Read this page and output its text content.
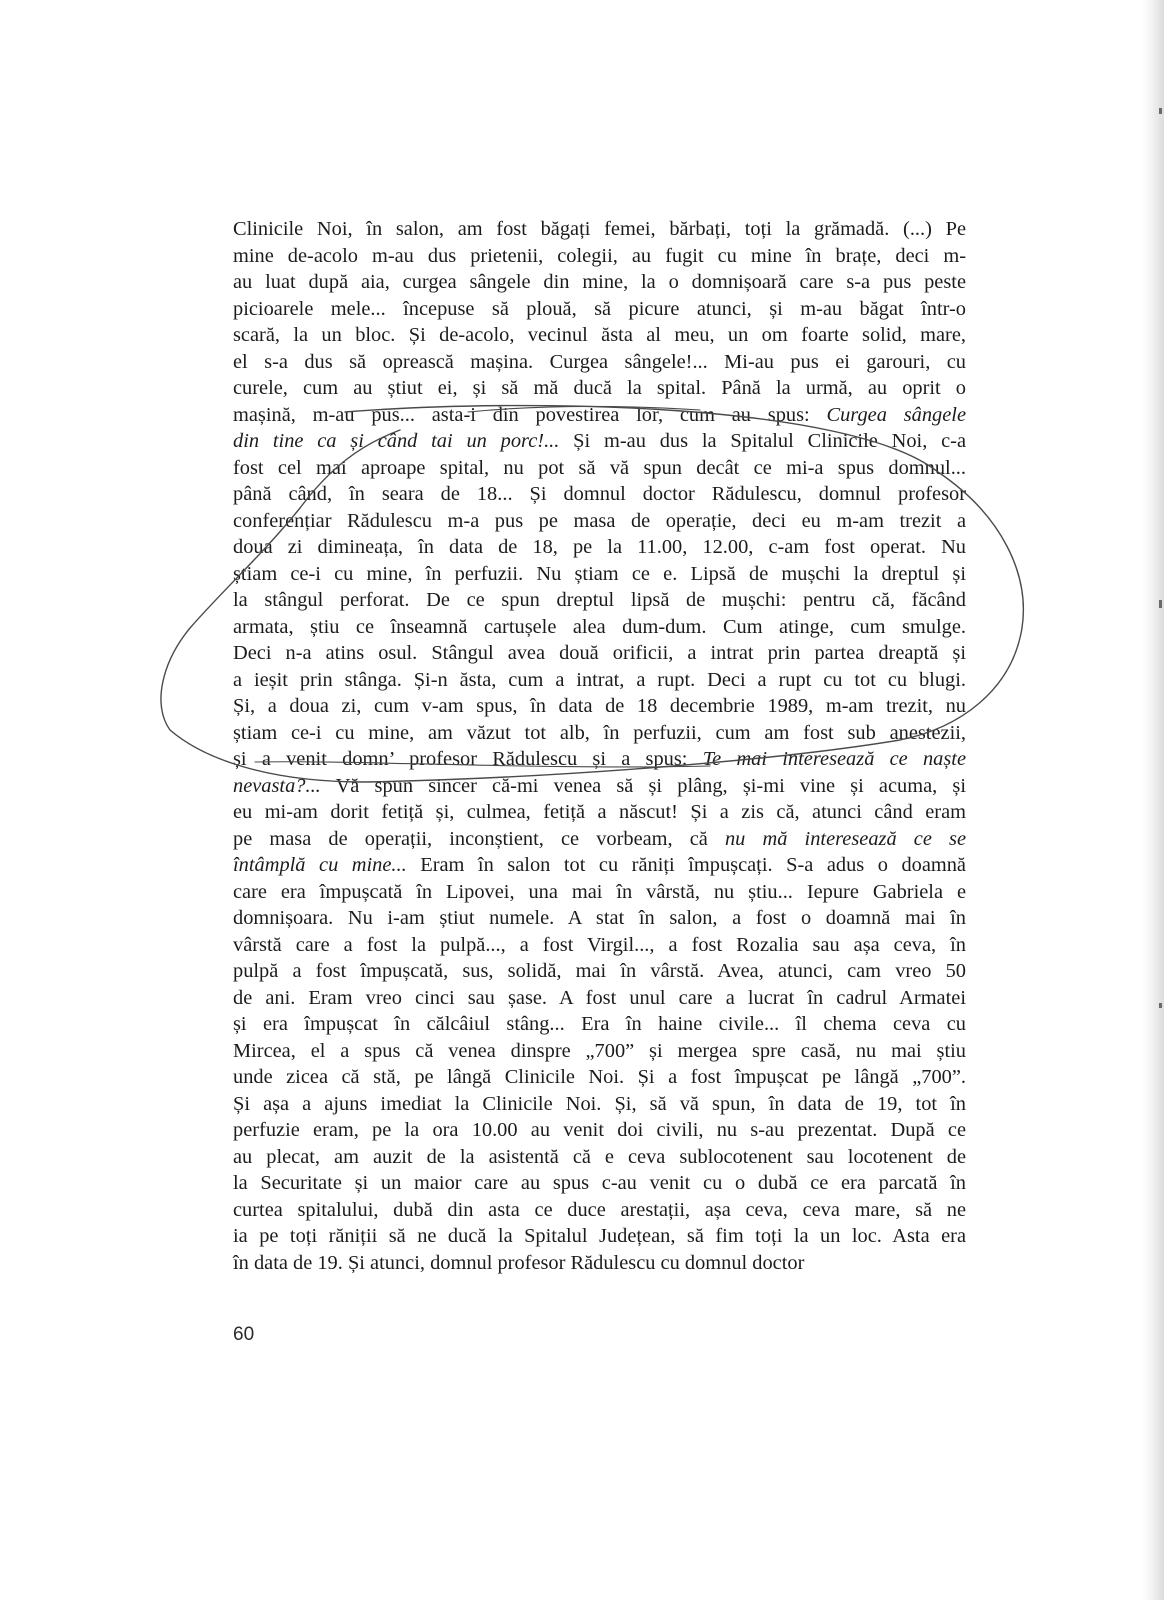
Clinicile Noi, în salon, am fost băgați femei, bărbați, toți la grămadă. (...) Pe
mine de-acolo m-au dus prietenii, colegii, au fugit cu mine în brațe, deci m-
au luat după aia, curgea sângele din mine, la o domnișoară care s-a pus peste
picioarele mele... începuse să plouă, să picure atunci, și m-au băgat într-o
scară, la un bloc. Și de-acolo, vecinul ăsta al meu, un om foarte solid, mare,
el s-a dus să oprească mașina. Curgea sângele!... Mi-au pus ei garouri, cu
curele, cum au știut ei, și să mă ducă la spital. Până la urmă, au oprit o
mașină, m-au pus... asta-i din povestirea lor, cum au spus: Curgea sângele
din tine ca și când tai un porc!... Și m-au dus la Spitalul Clinicile Noi, c-a
fost cel mai aproape spital, nu pot să vă spun decât ce mi-a spus domnul...
până când, în seara de 18... Și domnul doctor Rădulescu, domnul profesor
conferențiar Rădulescu m-a pus pe masa de operație, deci eu m-am trezit a
doua zi dimineața, în data de 18, pe la 11.00, 12.00, c-am fost operat. Nu
știam ce-i cu mine, în perfuzii. Nu știam ce e. Lipsă de mușchi la dreptul și
la stângul perforat. De ce spun dreptul lipsă de mușchi: pentru că, făcând
armata, știu ce înseamnă cartușele alea dum-dum. Cum atinge, cum smulge.
Deci n-a atins osul. Stângul avea două orificii, a intrat prin partea dreaptă și
a ieșit prin stânga. Și-n ăsta, cum a intrat, a rupt. Deci a rupt cu tot cu blugi.
Și, a doua zi, cum v-am spus, în data de 18 decembrie 1989, m-am trezit, nu
știam ce-i cu mine, am văzut tot alb, în perfuzii, cum am fost sub anestezii,
și a venit domn’ profesor Rădulescu și a spus: Te mai interesează ce naște
nevasta?... Vă spun sincer că-mi venea să și plâng, și-mi vine și acuma, și
eu mi-am dorit fetiță și, culmea, fetiță a născut! Și a zis că, atunci când eram
pe masa de operații, inconștient, ce vorbeam, că nu mă interesează ce se
întâmplă cu mine... Eram în salon tot cu răniți împușcați. S-a adus o doamnă
care era împușcată în Lipovei, una mai în vârstă, nu știu... Iepure Gabriela e
domnișoara. Nu i-am știut numele. A stat în salon, a fost o doamnă mai în
vârstă care a fost la pulpă..., a fost Virgil..., a fost Rozalia sau așa ceva, în
pulpă a fost împușcată, sus, solidă, mai în vârstă. Avea, atunci, cam vreo 50
de ani. Eram vreo cinci sau șase. A fost unul care a lucrat în cadrul Armatei
și era împușcat în călcâiul stâng... Era în haine civile... îl chema ceva cu
Mircea, el a spus că venea dinspre „700” și mergea spre casă, nu mai știu
unde zicea că stă, pe lângă Clinicile Noi. Și a fost împușcat pe lângă „700”.
Și așa a ajuns imediat la Clinicile Noi. Și, să vă spun, în data de 19, tot în
perfuzie eram, pe la ora 10.00 au venit doi civili, nu s-au prezentat. După ce
au plecat, am auzit de la asistentă că e ceva sublocotenent sau locotenent de
la Securitate și un maior care au spus c-au venit cu o dubă ce era parcată în
curtea spitalului, dubă din asta ce duce arestații, așa ceva, ceva mare, să ne
ia pe toți răniții să ne ducă la Spitalul Județean, să fim toți la un loc. Asta era
în data de 19. Și atunci, domnul profesor Rădulescu cu domnul doctor
60
